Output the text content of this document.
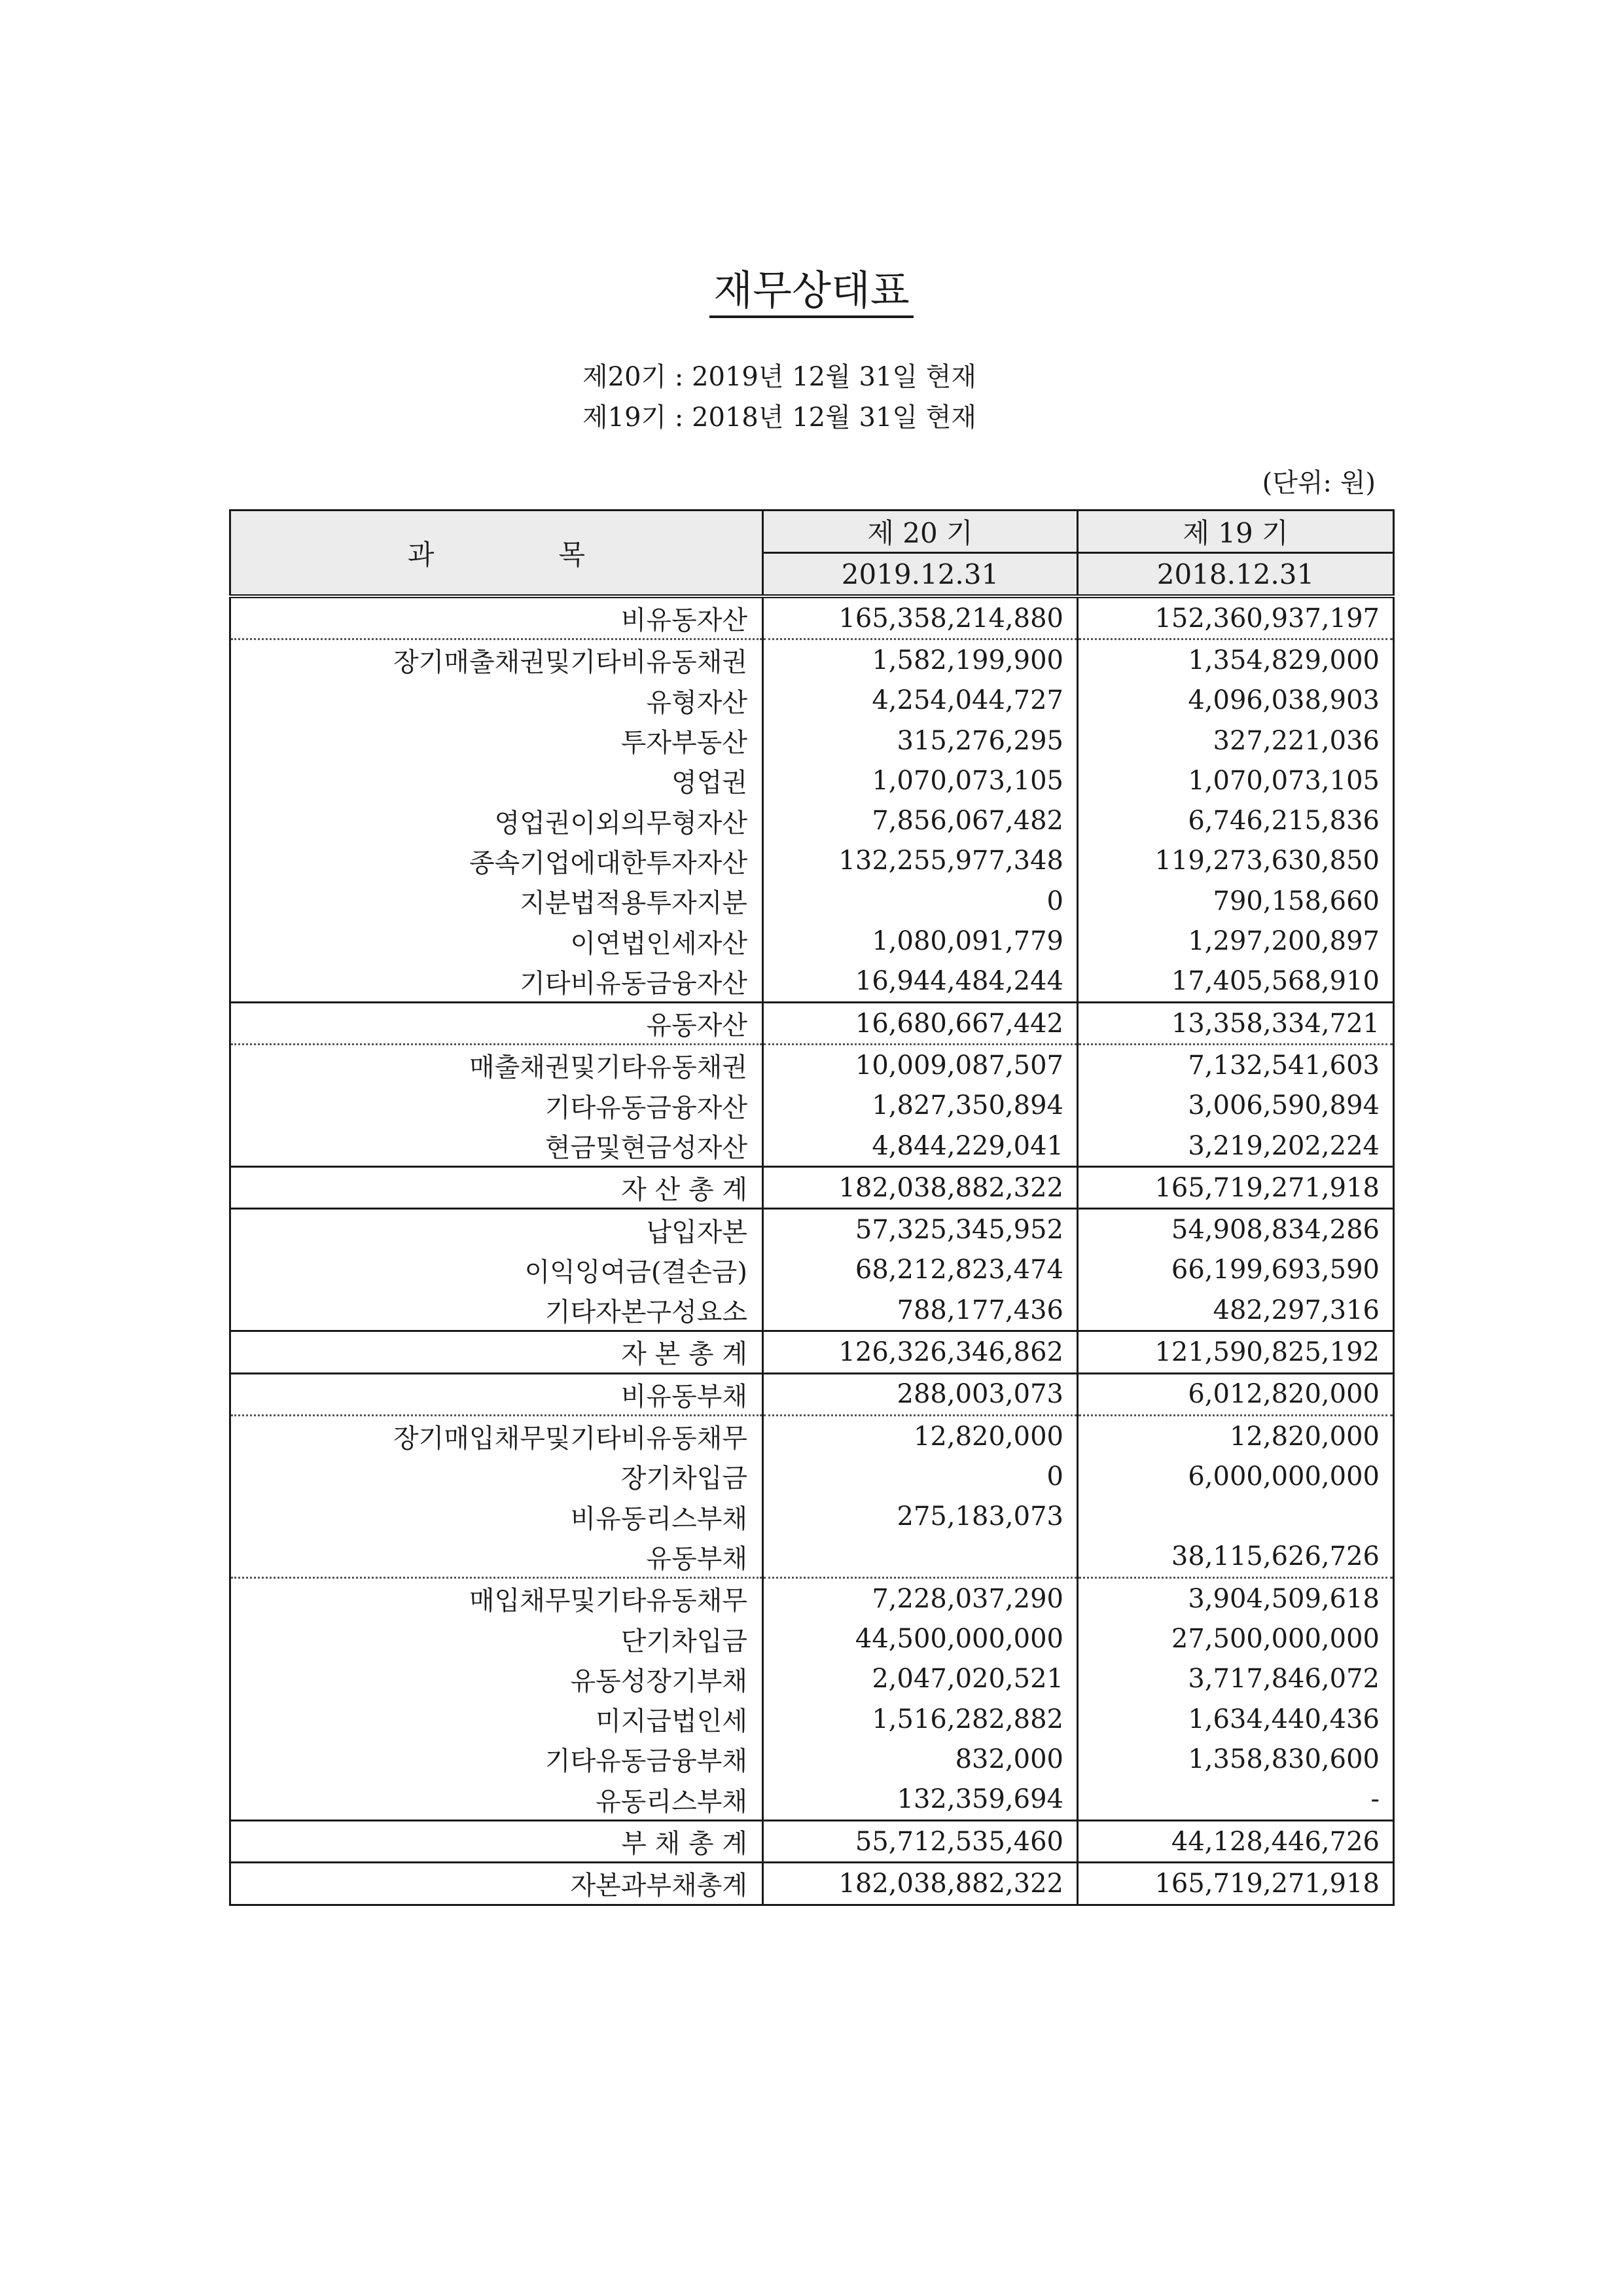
재무상태표
제20기 : 2019년 12월 31일 현재
제19기 : 2018년 12월 31일 현재
(단위: 원)
과 목	제 20 기	제 19 기
	2019.12.31	2018.12.31
비유동자산	165,358,214,880	152,360,937,197
장기매출채권및기타비유동채권	1,582,199,900	1,354,829,000
유형자산	4,254,044,727	4,096,038,903
투자부동산	315,276,295	327,221,036
영업권	1,070,073,105	1,070,073,105
영업권이외의무형자산	7,856,067,482	6,746,215,836
종속기업에대한투자자산	132,255,977,348	119,273,630,850
지분법적용투자지분	0	790,158,660
이연법인세자산	1,080,091,779	1,297,200,897
기타비유동금융자산	16,944,484,244	17,405,568,910
유동자산	16,680,667,442	13,358,334,721
매출채권및기타유동채권	10,009,087,507	7,132,541,603
기타유동금융자산	1,827,350,894	3,006,590,894
현금및현금성자산	4,844,229,041	3,219,202,224
자 산 총 계	182,038,882,322	165,719,271,918
납입자본	57,325,345,952	54,908,834,286
이익잉여금(결손금)	68,212,823,474	66,199,693,590
기타자본구성요소	788,177,436	482,297,316
자 본 총 계	126,326,346,862	121,590,825,192
비유동부채	288,003,073	6,012,820,000
장기매입채무및기타비유동채무	12,820,000	12,820,000
장기차입금	0	6,000,000,000
비유동리스부채	275,183,073	
유동부채		38,115,626,726
매입채무및기타유동채무	7,228,037,290	3,904,509,618
단기차입금	44,500,000,000	27,500,000,000
유동성장기부채	2,047,020,521	3,717,846,072
미지급법인세	1,516,282,882	1,634,440,436
기타유동금융부채	832,000	1,358,830,600
유동리스부채	132,359,694	-
부 채 총 계	55,712,535,460	44,128,446,726
자본과부채총계	182,038,882,322	165,719,271,918
